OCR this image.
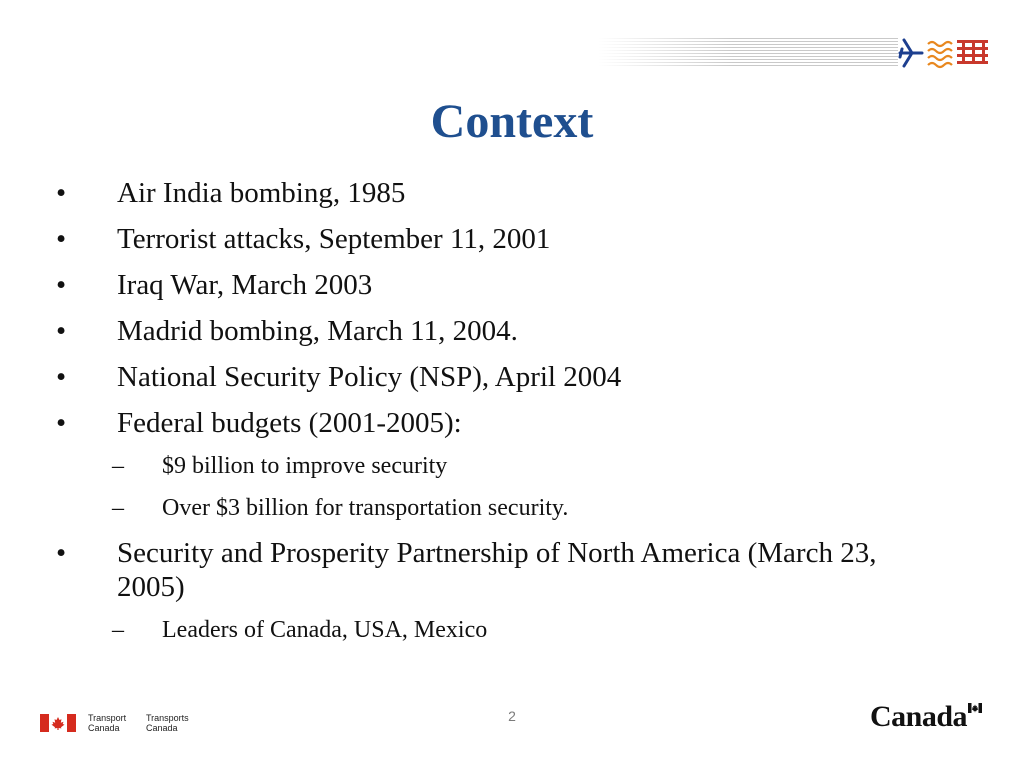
Context
• Air India bombing, 1985
• Terrorist attacks, September 11, 2001
• Iraq War, March 2003
• Madrid bombing, March 11, 2004.
• National Security Policy (NSP), April 2004
• Federal budgets (2001-2005):
– $9 billion to improve security
– Over $3 billion for transportation security.
• Security and Prosperity Partnership of North America (March 23, 2005)
– Leaders of Canada, USA, Mexico
Transport Canada
Transports Canada
2	Canada
